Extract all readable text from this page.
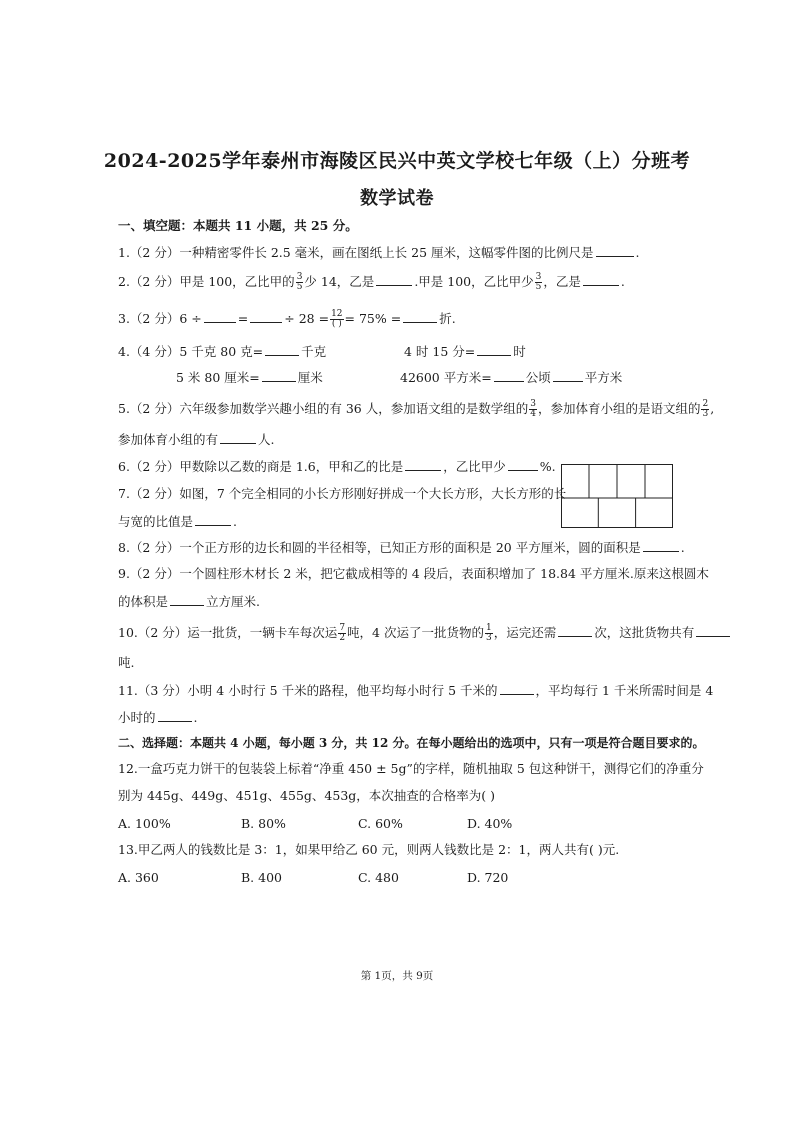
2024-2025学年泰州市海陵区民兴中英文学校七年级（上）分班考
数学试卷
一、填空题：本题共 11 小题，共 25 分。
1.（2 分）一种精密零件长 2.5 毫米，画在图纸上长 25 厘米，这幅零件图的比例尺是	.
2.（2 分）甲是 100，乙比甲的 $\frac{3}{5}$ 少 14，乙是	.甲是 100，乙比甲少 $\frac{3}{5}$ ，乙是	.
3.（2 分）6 ÷	=	÷ $28 = \frac{12}{( )} = 75\%$ =	折.
4.（4 分）5 千克 80 克=	千克	4 时 15 分=	时
5 米 80 厘米=	厘米	42600 平方米=	公顷	平方米
5.（2 分）六年级参加数学兴趣小组的有 36 人，参加语文组的是数学组的 $\frac{3}{4}$ ，参加体育小组的是语文组的 $\frac{2}{3}$ ,
参加体育小组的有	人.
6.（2 分）甲数除以乙数的商是 1.6，甲和乙的比是	，乙比甲少	%.
7.（2 分）如图，7 个完全相同的小长方形刚好拼成一个大长方形，大长方形的长
与宽的比值是	.
8.（2 分）一个正方形的边长和圆的半径相等，已知正方形的面积是 20 平方厘米，圆的面积是	.
9.（2 分）一个圆柱形木材长 2 米，把它截成相等的 4 段后，表面积增加了 18.84 平方厘米.原来这根圆木
的体积是	立方厘米.
10.（2 分）运一批货，一辆卡车每次运 $\frac{7}{2}$ 吨，4 次运了一批货物的 $\frac{1}{3}$ ，运完还需	次，这批货物共有
吨.
11.（3 分）小明 4 小时行 5 千米的路程，他平均每小时行 5 千米的	，平均每行 1 千米所需时间是 4
小时的	.
二、选择题：本题共 4 小题，每小题 3 分，共 12 分。在每小题给出的选项中，只有一项是符合题目要求的。
12.一盒巧克力饼干的包装袋上标着“净重 450 ± 5g”的字样，随机抽取 5 包这种饼干，测得它们的净重分
别为 445g、449g、451g、455g、453g，本次抽查的合格率为( )
A. 100%	B. 80%	C. 60%	D. 40%
13.甲乙两人的钱数比是 3：1，如果甲给乙 60 元，则两人钱数比是 2：1，两人共有( )元.
A. 360	B. 400	C. 480	D. 720
第 1页，共 9页
